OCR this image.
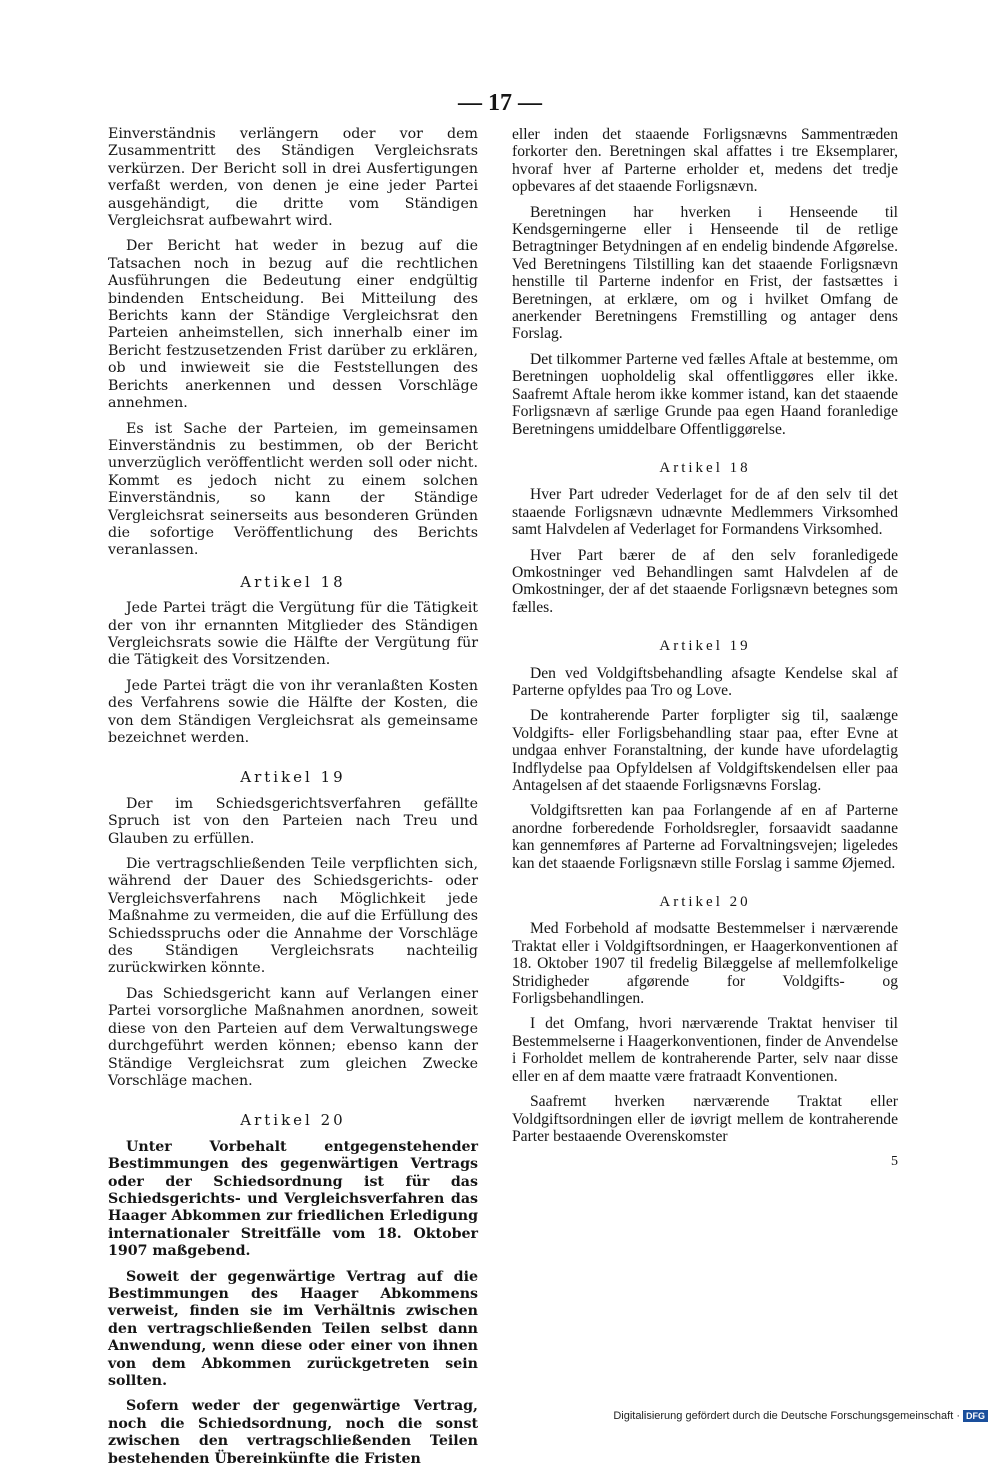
— 17 —

Einverständnis verlängern oder vor dem Zusammentritt des Ständigen Vergleichsrats verkürzen. Der Bericht soll in drei Ausfertigungen verfaßt werden, von denen je eine jeder Partei ausgehändigt, die dritte vom Ständigen Vergleichsrat aufbewahrt wird.

Der Bericht hat weder in bezug auf die Tatsachen noch in bezug auf die rechtlichen Ausführungen die Bedeutung einer endgültig bindenden Entscheidung. Bei Mitteilung des Berichts kann der Ständige Vergleichsrat den Parteien anheimstellen, sich innerhalb einer im Bericht festzusetzenden Frist darüber zu erklären, ob und inwieweit sie die Feststellungen des Berichts anerkennen und dessen Vorschläge annehmen.

Es ist Sache der Parteien, im gemeinsamen Einverständnis zu bestimmen, ob der Bericht unverzüglich veröffentlicht werden soll oder nicht. Kommt es jedoch nicht zu einem solchen Einverständnis, so kann der Ständige Vergleichsrat seinerseits aus besonderen Gründen die sofortige Veröffentlichung des Berichts veranlassen.

Artikel 18

Jede Partei trägt die Vergütung für die Tätigkeit der von ihr ernannten Mitglieder des Ständigen Vergleichsrats sowie die Hälfte der Vergütung für die Tätigkeit des Vorsitzenden.

Jede Partei trägt die von ihr veranlaßten Kosten des Verfahrens sowie die Hälfte der Kosten, die von dem Ständigen Vergleichsrat als gemeinsame bezeichnet werden.

Artikel 19

Der im Schiedsgerichtsverfahren gefällte Spruch ist von den Parteien nach Treu und Glauben zu erfüllen.

Die vertragschließenden Teile verpflichten sich, während der Dauer des Schiedsgerichts- oder Vergleichsverfahrens nach Möglichkeit jede Maßnahme zu vermeiden, die auf die Erfüllung des Schiedsspruchs oder die Annahme der Vorschläge des Ständigen Vergleichsrats nachteilig zurückwirken könnte.

Das Schiedsgericht kann auf Verlangen einer Partei vorsorgliche Maßnahmen anordnen, soweit diese von den Parteien auf dem Verwaltungswege durchgeführt werden können; ebenso kann der Ständige Vergleichsrat zum gleichen Zwecke Vorschläge machen.

Artikel 20

Unter Vorbehalt entgegenstehender Bestimmungen des gegenwärtigen Vertrags oder der Schiedsordnung ist für das Schiedsgerichts- und Vergleichsverfahren das Haager Abkommen zur friedlichen Erledigung internationaler Streitfälle vom 18. Oktober 1907 maßgebend.

Soweit der gegenwärtige Vertrag auf die Bestimmungen des Haager Abkommens verweist, finden sie im Verhältnis zwischen den vertragschließenden Teilen selbst dann Anwendung, wenn diese oder einer von ihnen von dem Abkommen zurückgetreten sein sollten.

Sofern weder der gegenwärtige Vertrag, noch die Schiedsordnung, noch die sonst zwischen den vertragschließenden Teilen bestehenden Übereinkünfte die Fristen

eller inden det staaende Forligsnævns Sammentræden forkorter den. Beretningen skal affattes i tre Eksemplarer, hvoraf hver af Parterne erholder et, medens det tredje opbevares af det staaende Forligsnævn.

Beretningen har hverken i Henseende til Kendsgerningerne eller i Henseende til de retlige Betragtninger Betydningen af en endelig bindende Afgørelse. Ved Beretningens Tilstilling kan det staaende Forligsnævn henstille til Parterne indenfor en Frist, der fastsættes i Beretningen, at erklære, om og i hvilket Omfang de anerkender Beretningens Fremstilling og antager dens Forslag.

Det tilkommer Parterne ved fælles Aftale at bestemme, om Beretningen uopholdelig skal offentliggøres eller ikke. Saafremt Aftale herom ikke kommer istand, kan det staaende Forligsnævn af særlige Grunde paa egen Haand foranledige Beretningens umiddelbare Offentliggørelse.

Artikel 18

Hver Part udreder Vederlaget for de af den selv til det staaende Forligsnævn udnævnte Medlemmers Virksomhed samt Halvdelen af Vederlaget for Formandens Virksomhed.

Hver Part bærer de af den selv foranledigede Omkostninger ved Behandlingen samt Halvdelen af de Omkostninger, der af det staaende Forligsnævn betegnes som fælles.

Artikel 19

Den ved Voldgiftsbehandling afsagte Kendelse skal af Parterne opfyldes paa Tro og Love.

De kontraherende Parter forpligter sig til, saalænge Voldgifts- eller Forligsbehandling staar paa, efter Evne at undgaa enhver Foranstaltning, der kunde have ufordelagtig Indflydelse paa Opfyldelsen af Voldgiftskendelsen eller paa Antagelsen af det staaende Forligsnævns Forslag.

Voldgiftsretten kan paa Forlangende af en af Parterne anordne forberedende Forholdsregler, forsaavidt saadanne kan gennemføres af Parterne ad Forvaltningsvejen; ligeledes kan det staaende Forligsnævn stille Forslag i samme Øjemed.

Artikel 20

Med Forbehold af modsatte Bestemmelser i nærværende Traktat eller i Voldgiftsordningen, er Haagerkonventionen af 18. Oktober 1907 til fredelig Bilæggelse af mellemfolkelige Stridigheder afgørende for Voldgifts- og Forligsbehandlingen.

I det Omfang, hvori nærværende Traktat henviser til Bestemmelserne i Haagerkonventionen, finder de Anvendelse i Forholdet mellem de kontraherende Parter, selv naar disse eller en af dem maatte være fratraadt Konventionen.

Saafremt hverken nærværende Traktat eller Voldgiftsordningen eller de iøvrigt mellem de kontraherende Parter bestaaende Overenskomster

5
Digitalisierung gefördert durch die Deutsche Forschungsgemeinschaft · DFG
